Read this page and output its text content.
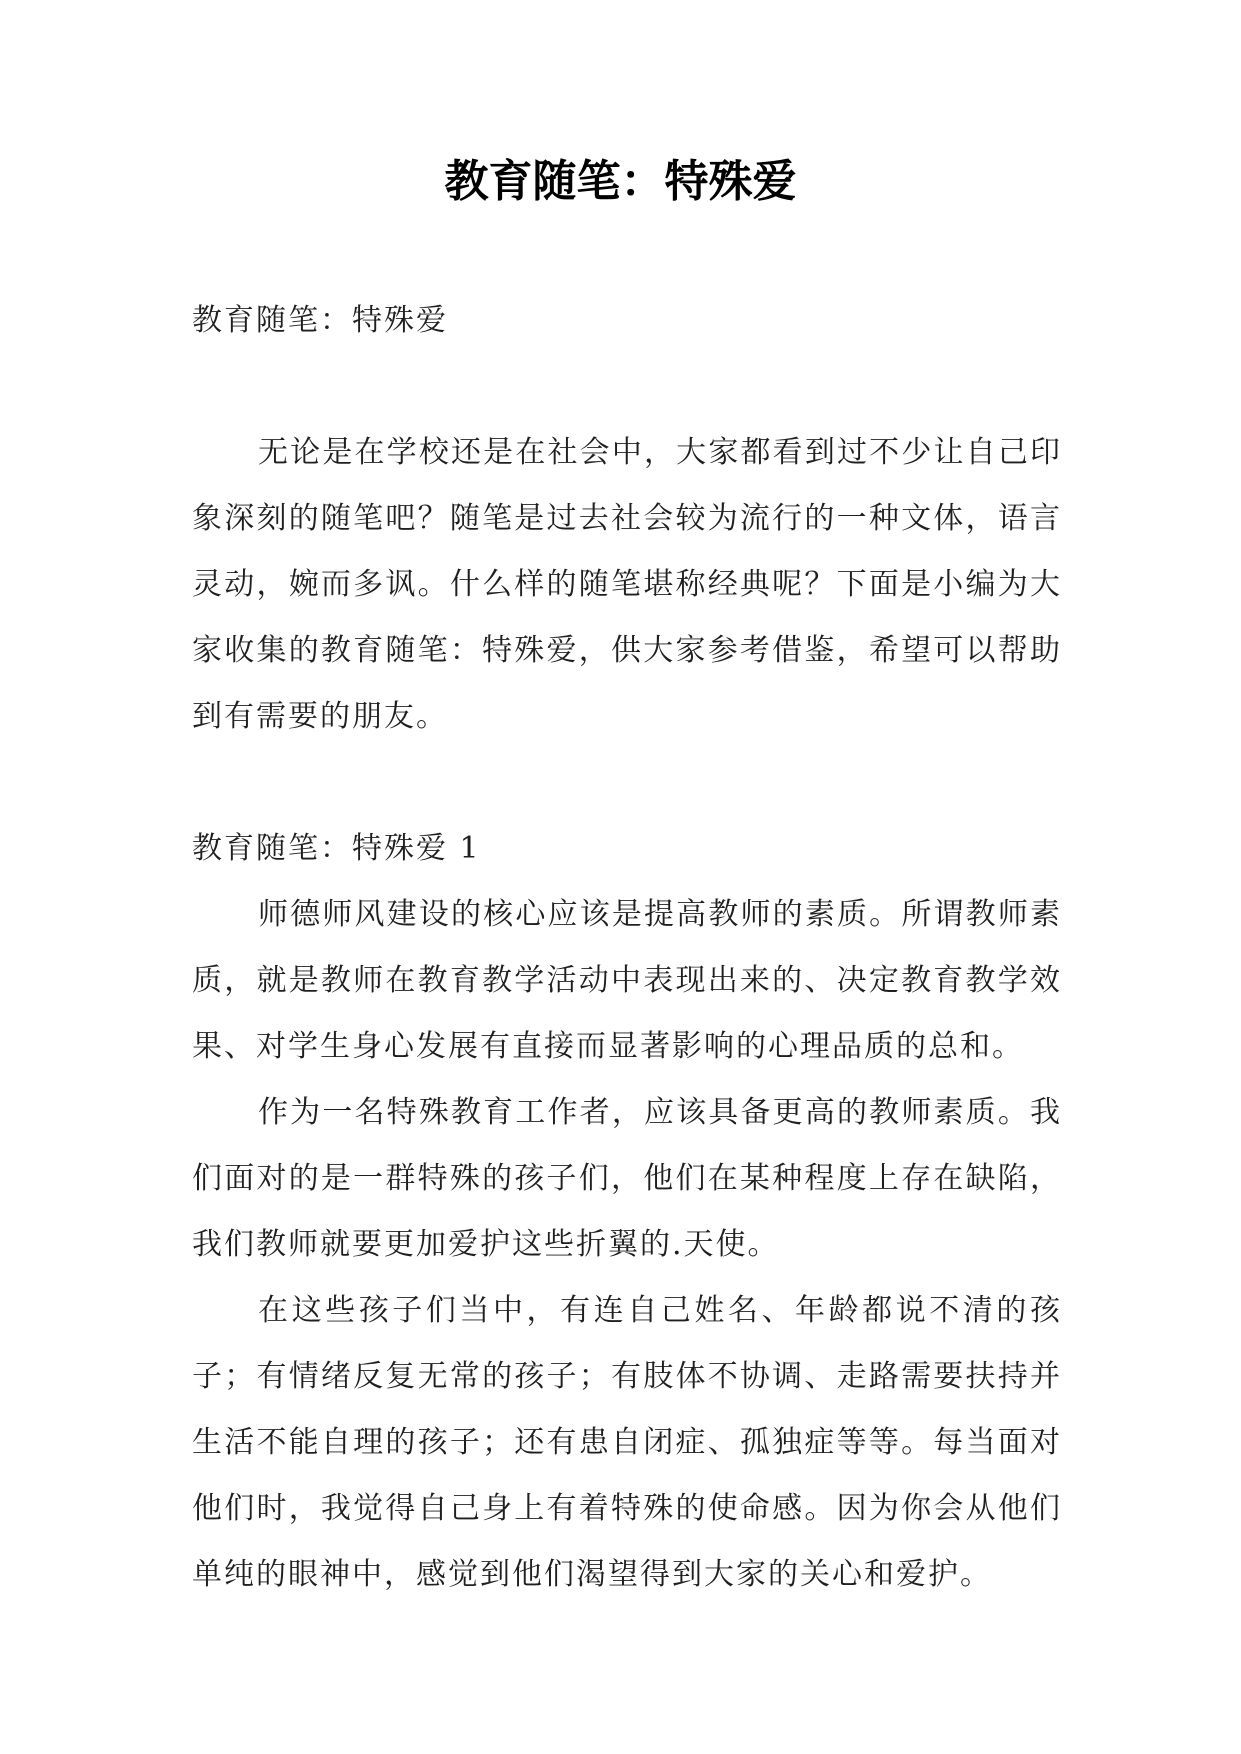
教育随笔：特殊爱

教育随笔：特殊爱

无论是在学校还是在社会中，大家都看到过不少让自己印象深刻的随笔吧？随笔是过去社会较为流行的一种文体，语言灵动，婉而多讽。什么样的随笔堪称经典呢？下面是小编为大家收集的教育随笔：特殊爱，供大家参考借鉴，希望可以帮助到有需要的朋友。

教育随笔：特殊爱 1

师德师风建设的核心应该是提高教师的素质。所谓教师素质，就是教师在教育教学活动中表现出来的、决定教育教学效果、对学生身心发展有直接而显著影响的心理品质的总和。

作为一名特殊教育工作者，应该具备更高的教师素质。我们面对的是一群特殊的孩子们，他们在某种程度上存在缺陷，我们教师就要更加爱护这些折翼的.天使。

在这些孩子们当中，有连自己姓名、年龄都说不清的孩子；有情绪反复无常的孩子；有肢体不协调、走路需要扶持并生活不能自理的孩子；还有患自闭症、孤独症等等。每当面对他们时，我觉得自己身上有着特殊的使命感。因为你会从他们单纯的眼神中，感觉到他们渴望得到大家的关心和爱护。
